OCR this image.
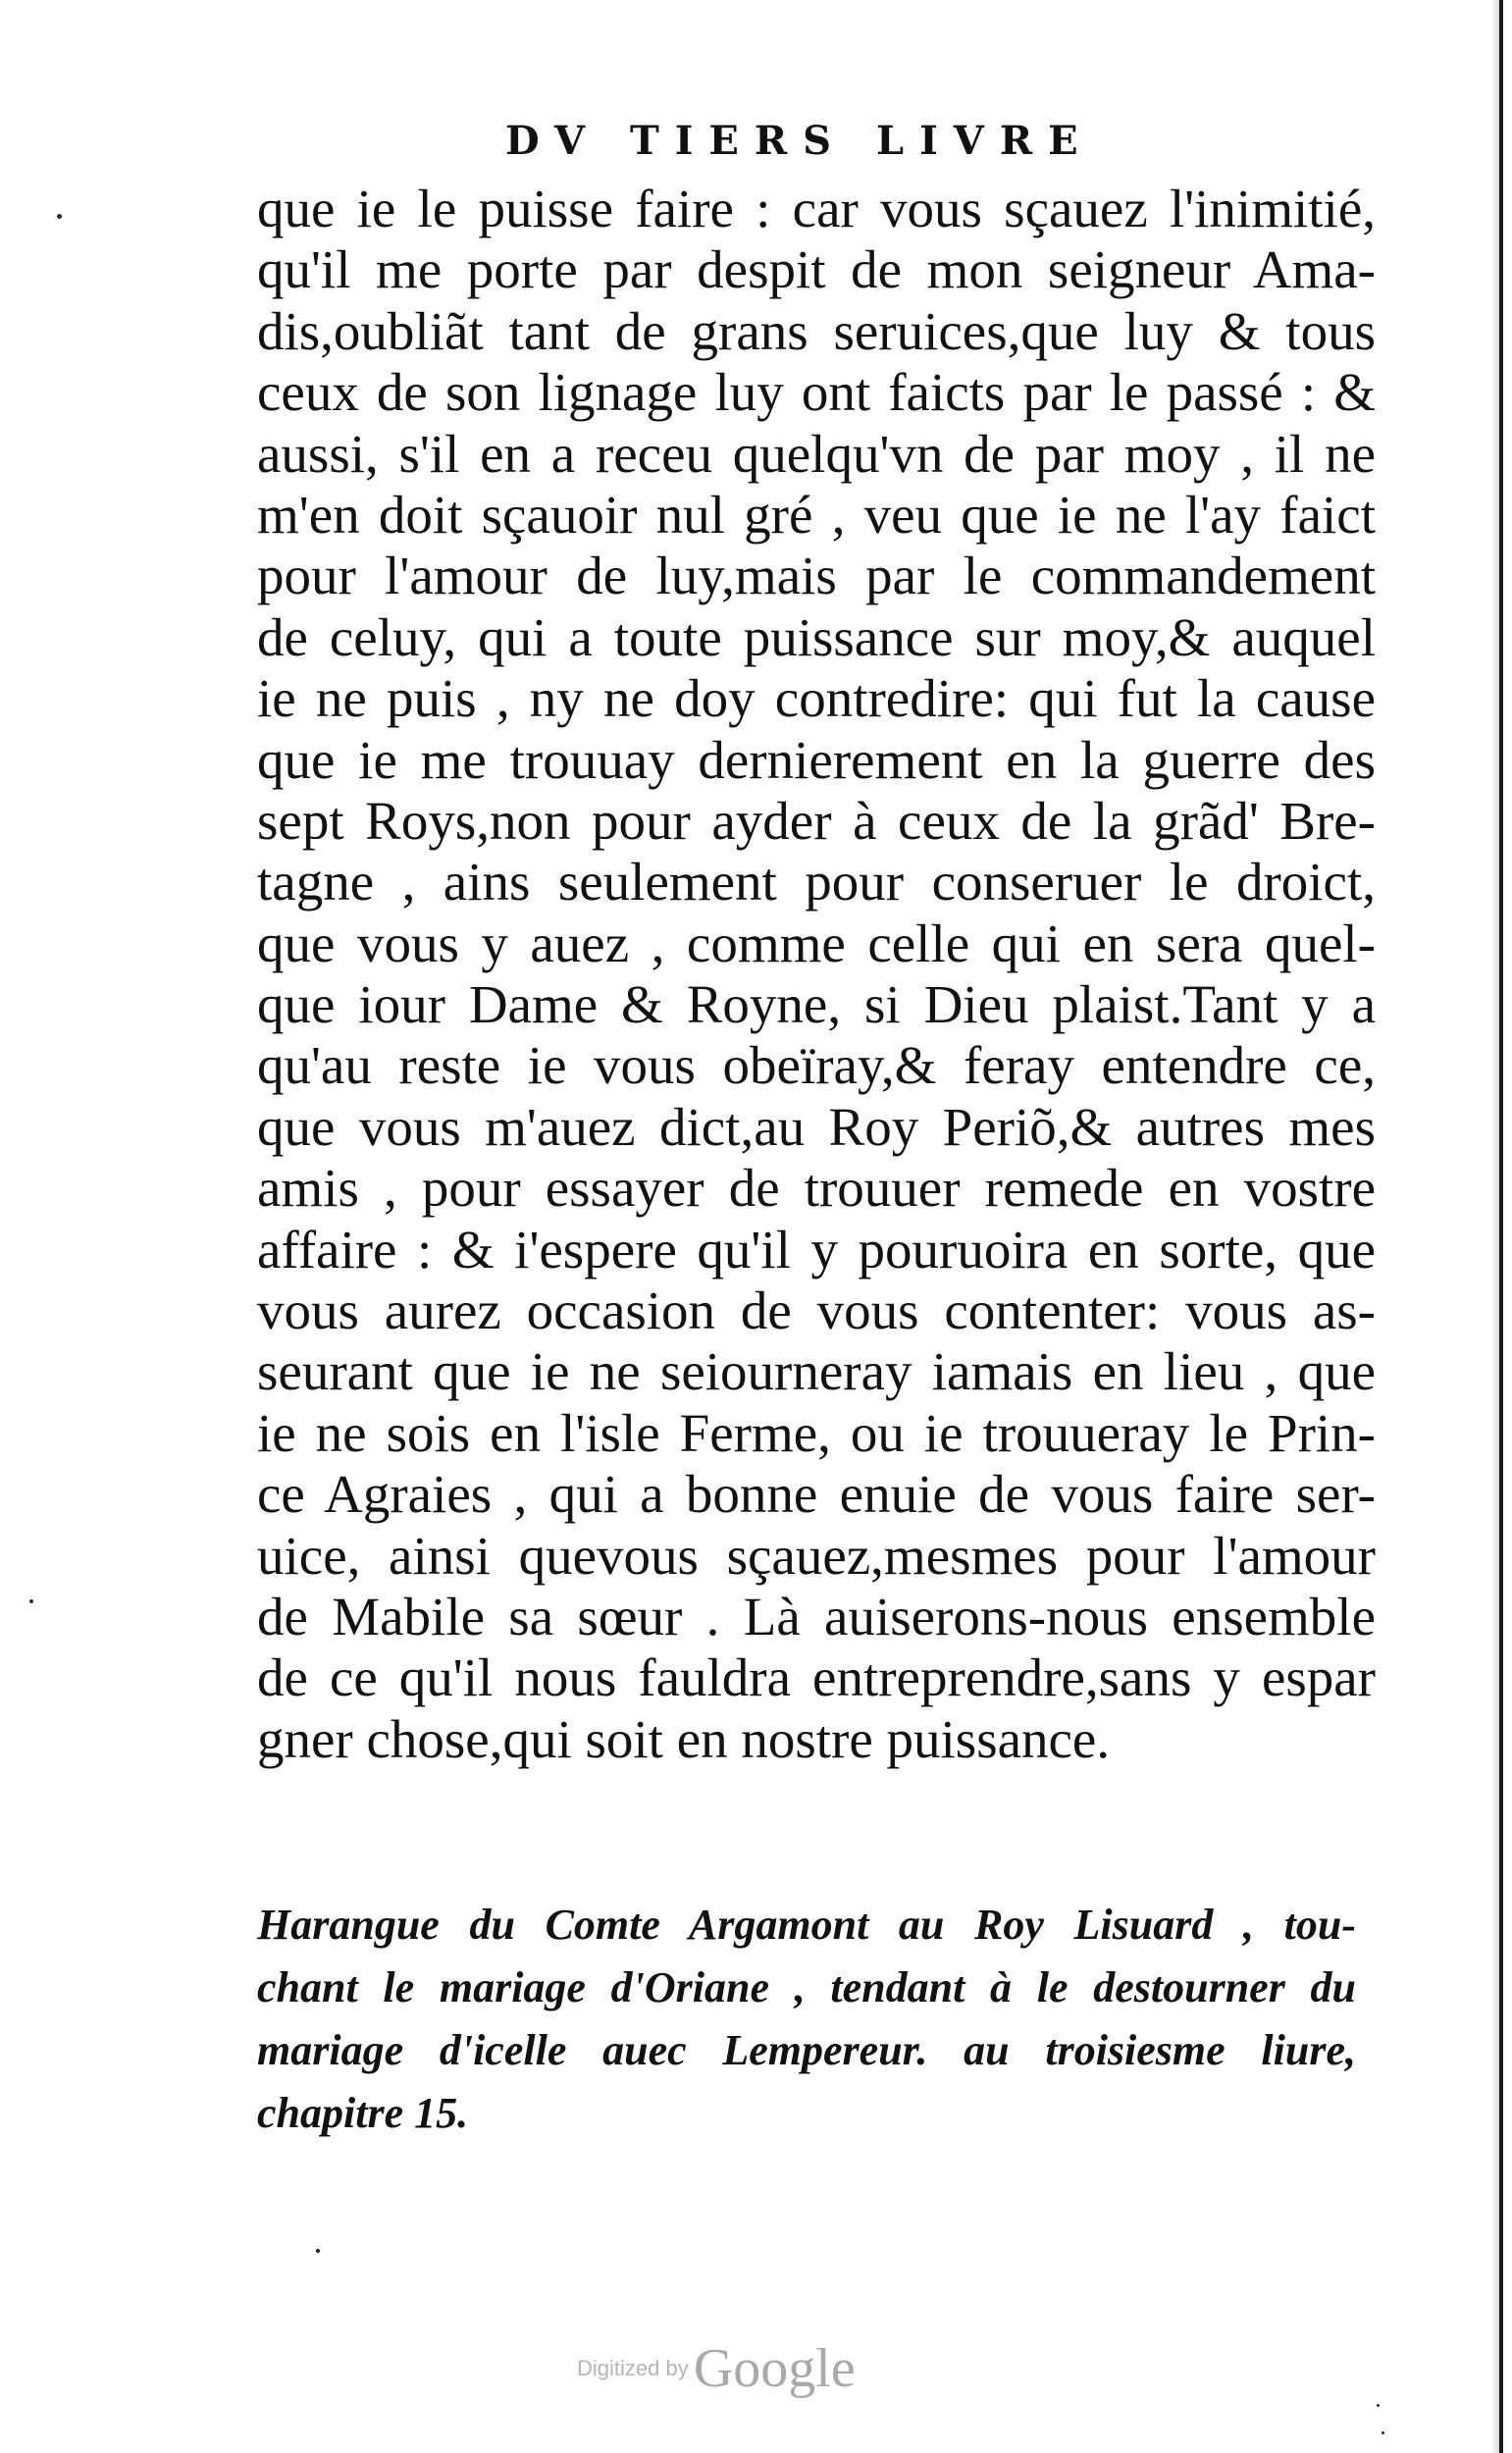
DV TIERS LIVRE
que ie le puisse faire : car vous sçauez l'inimitié,
qu'il me porte par despit de mon seigneur Ama-
dis,oubliãt tant de grans seruices,que luy & tous
ceux de son lignage luy ont faicts par le passé : &
aussi, s'il en a receu quelqu'vn de par moy , il ne
m'en doit sçauoir nul gré , veu que ie ne l'ay faict
pour l'amour de luy,mais par le commandement
de celuy, qui a toute puissance sur moy,& auquel
ie ne puis , ny ne doy contredire: qui fut la cause
que ie me trouuay dernierement en la guerre des
sept Roys,non pour ayder à ceux de la grãd' Bre-
tagne , ains seulement pour conseruer le droict,
que vous y auez , comme celle qui en sera quel-
que iour Dame & Royne, si Dieu plaist.Tant y a
qu'au reste ie vous obeïray,& feray entendre ce,
que vous m'auez dict,au Roy Periõ,& autres mes
amis , pour essayer de trouuer remede en vostre
affaire : & i'espere qu'il y pouruoira en sorte, que
vous aurez occasion de vous contenter: vous as-
seurant que ie ne seiourneray iamais en lieu , que
ie ne sois en l'isle Ferme, ou ie trouueray le Prin-
ce Agraies , qui a bonne enuie de vous faire ser-
uice, ainsi quevous sçauez,mesmes pour l'amour
de Mabile sa sœur . Là auiserons-nous ensemble
de ce qu'il nous fauldra entreprendre,sans y espar
gner chose,qui soit en nostre puissance.
Harangue du Comte Argamont au Roy Lisuard , tou-
chant le mariage d'Oriane , tendant à le destourner du
mariage d'icelle auec Lempereur. au troisiesme liure,
chapitre 15.
Digitized by Google
